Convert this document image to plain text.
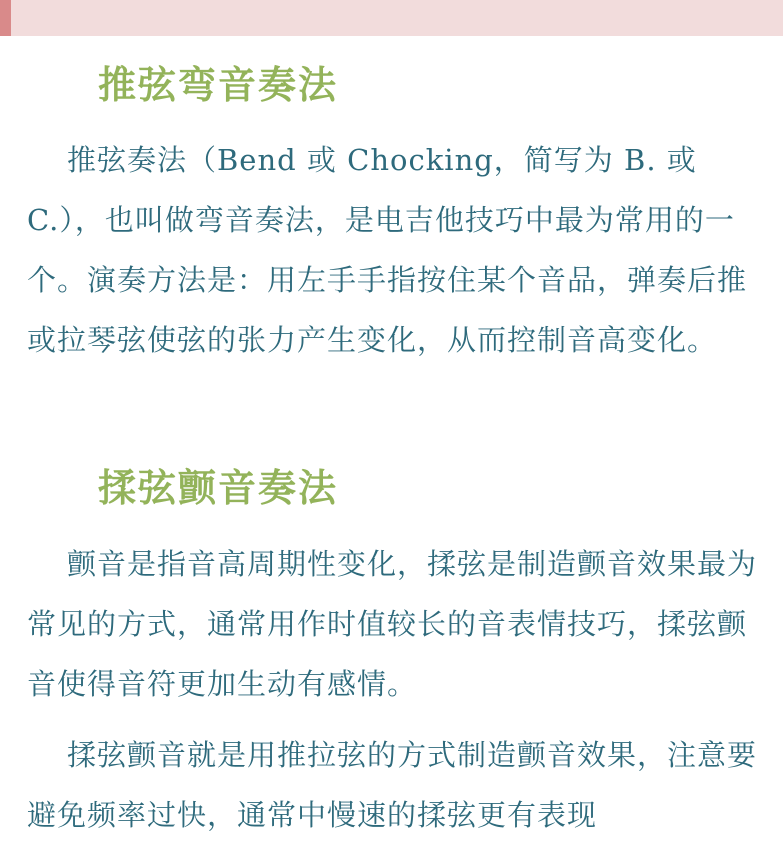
推弦弯音奏法

推弦奏法（Bend 或 Chocking，简写为 B. 或 C.），也叫做弯音奏法，是电吉他技巧中最为常用的一个。演奏方法是：用左手手指按住某个音品，弹奏后推或拉琴弦使弦的张力产生变化，从而控制音高变化。

揉弦颤音奏法

颤音是指音高周期性变化，揉弦是制造颤音效果最为常见的方式，通常用作时值较长的音表情技巧，揉弦颤音使得音符更加生动有感情。

揉弦颤音就是用推拉弦的方式制造颤音效果，注意要避免频率过快，通常中慢速的揉弦更有表现
